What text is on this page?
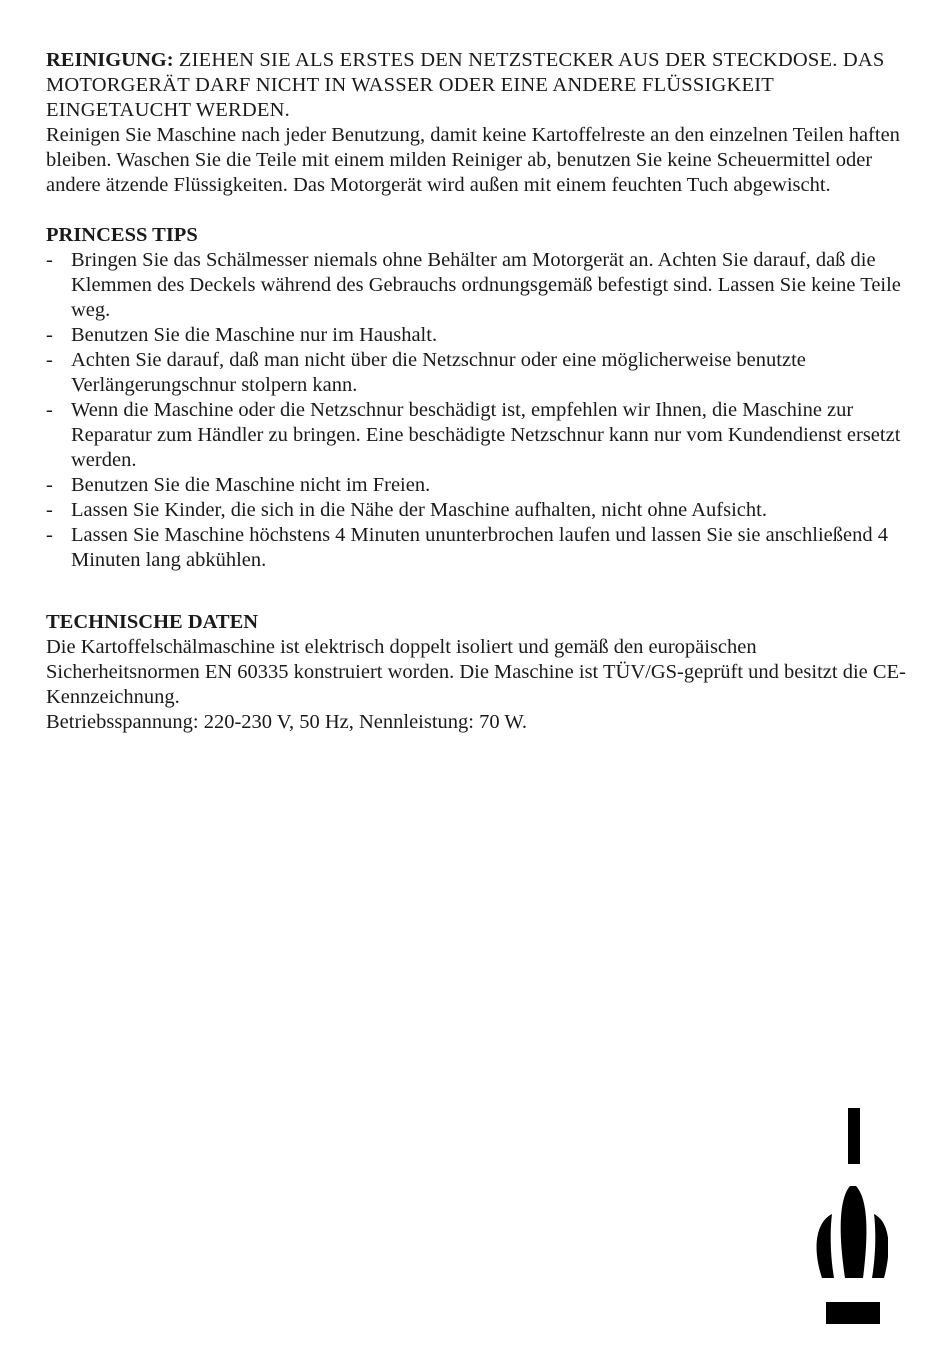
REINIGUNG: ZIEHEN SIE ALS ERSTES DEN NETZSTECKER AUS DER STECKDOSE. DAS MOTORGERÄT DARF NICHT IN WASSER ODER EINE ANDERE FLÜSSIGKEIT EINGETAUCHT WERDEN.

Reinigen Sie Maschine nach jeder Benutzung, damit keine Kartoffelreste an den einzelnen Teilen haften bleiben. Waschen Sie die Teile mit einem milden Reiniger ab, benutzen Sie keine Scheuermittel oder andere ätzende Flüssigkeiten. Das Motorgerät wird außen mit einem feuchten Tuch abgewischt.

PRINCESS TIPS

- Bringen Sie das Schälmesser niemals ohne Behälter am Motorgerät an. Achten Sie darauf, daß die Klemmen des Deckels während des Gebrauchs ordnungsgemäß befestigt sind. Lassen Sie keine Teile weg.
- Benutzen Sie die Maschine nur im Haushalt.
- Achten Sie darauf, daß man nicht über die Netzschnur oder eine möglicherweise benutzte Verlängerungschnur stolpern kann.
- Wenn die Maschine oder die Netzschnur beschädigt ist, empfehlen wir Ihnen, die Maschine zur Reparatur zum Händler zu bringen. Eine beschädigte Netzschnur kann nur vom Kundendienst ersetzt werden.
- Benutzen Sie die Maschine nicht im Freien.
- Lassen Sie Kinder, die sich in die Nähe der Maschine aufhalten, nicht ohne Aufsicht.
- Lassen Sie Maschine höchstens 4 Minuten ununterbrochen laufen und lassen Sie sie anschließend 4 Minuten lang abkühlen.

TECHNISCHE DATEN

Die Kartoffelschälmaschine ist elektrisch doppelt isoliert und gemäß den europäischen Sicherheitsnormen EN 60335 konstruiert worden. Die Maschine ist TÜV/GS-geprüft und besitzt die CE-Kennzeichnung.

Betriebsspannung: 220-230 V, 50 Hz, Nennleistung: 70 W.
